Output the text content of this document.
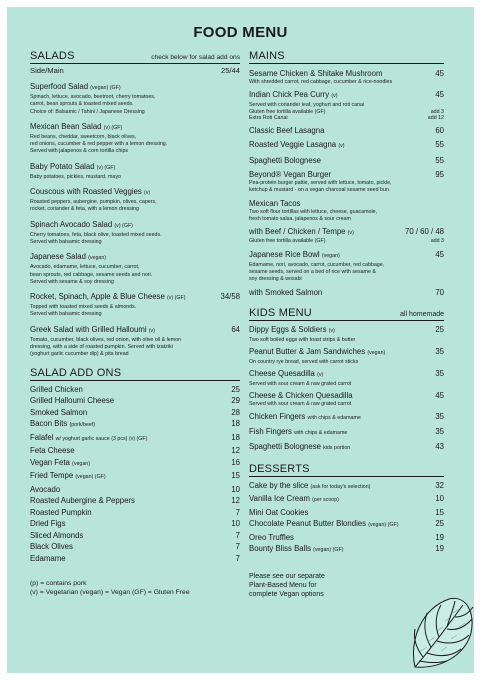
FOOD MENU
SALADS	check below for salad add ons
Side/Main	25/44
Superfood Salad (vegan) (GF)
Spinach, lettuce, avocado, beetroot, cherry tomatoes,
carrot, bean sprouts & toasted mixed seeds.
Choice of: Balsamic / Tahini / Japanese Dressing
Mexican Bean Salad (v) (GF)
Red beans, cheddar, sweetcorn, black olives,
red onions, cucumber & red pepper with a lemon dressing.
Served with jalapenos & corn tortilla chips
Baby Potato Salad (v) (GF)
Baby potatoes, pickles, mustard, mayo
Couscous with Roasted Veggies (v)
Roasted peppers, aubergine, pumpkin, olives, capers,
rocket, coriander & feta, with a lemon dressing
Spinach Avocado Salad (v) (GF)
Cherry tomatoes, feta, black olive, toasted mixed seeds.
Served with balsamic dressing
Japanese Salad (vegan)
Avocado, edamame, lettuce, cucumber, carrot,
bean sprouts, red cabbage, sesame seeds and nori.
Served with sesame & soy dressing
Rocket, Spinach, Apple & Blue Cheese (v) (GF)	34/58
Topped with toasted mixed seeds & almonds.
Served with balsamic dressing
Greek Salad with Grilled Halloumi (v)	64
Tomato, cucumber, black olives, red onion, with olive oil & lemon
dressing, with a side of roasted pumpkin. Served with tzatziki
(yoghurt garlic cucumber dip) & pita bread
SALAD ADD ONS
Grilled Chicken	25
Grilled Halloumi Cheese	29
Smoked Salmon	28
Bacon Bits (pork/beef)	18
Falafel w/ yoghurt garlic sauce (3 pcs) (v) (GF)	18
Feta Cheese	12
Vegan Feta (vegan)	16
Fried Tempe (vegan) (GF)	15
Avocado	10
Roasted Aubergine & Peppers	12
Roasted Pumpkin	7
Dried Figs	10
Sliced Almonds	7
Black Olives	7
Edamame	7
(p) = contains pork
(v) = Vegetarian (vegan) = Vegan (GF) = Gluten Free
MAINS
Sesame Chicken & Shitake Mushroom	45
With shredded carrot, red cabbage, cucumber & rice-noodles
Indian Chick Pea Curry (v)	45
Served with coriander leaf, yoghurt and roti canai
Gluten free tortilla available (GF)	add 3
Extra Roti Canai	add 12
Classic Beef Lasagna	60
Roasted Veggie Lasagna (v)	55
Spaghetti Bolognese	55
Beyond® Vegan Burger	95
Pea-protein burger pattie, served with lettuce, tomato, pickle,
ketchup & mustard - on a vegan charcoal sesame seed bun.
Mexican Tacos
Two soft flour tortillas with lettuce, cheese, guacamole,
fresh tomato salsa, jalapenos & sour cream
with Beef / Chicken / Tempe (v)	70 / 60 / 48
Gluten free tortilla available (GF)	add 3
Japanese Rice Bowl (vegan)	45
Edamame, nori, avocado, carrot, cucumber, red cabbage,
sesame seeds, served on a bed of rice with sesame &
soy dressing & wosabi
with Smoked Salmon	70
KIDS MENU	all homemade
Dippy Eggs & Soldiers (v)	25
Two soft boiled eggs with toast strips & butter
Peanut Butter & Jam Sandwiches (vegan)	35
On country rye bread, served with carrot sticks
Cheese Quesadilla (v)	35
Served with sour cream & raw grated carrot
Cheese & Chicken Quesadilla	45
Served with sour cream & raw grated carrot
Chicken Fingers with chips & edamame	35
Fish Fingers with chips & edamame	35
Spaghetti Bolognese kids portion	43
DESSERTS
Cake by the slice (ask for today's selection)	32
Vanilla Ice Cream (per scoop)	10
Mini Oat Cookies	15
Chocolate Peanut Butter Blondies (vegan) (GF)	25
Oreo Truffles	19
Bounty Bliss Balls (vegan) (GF)	19
Please see our separate
Plant-Based Menu for
complete Vegan options
